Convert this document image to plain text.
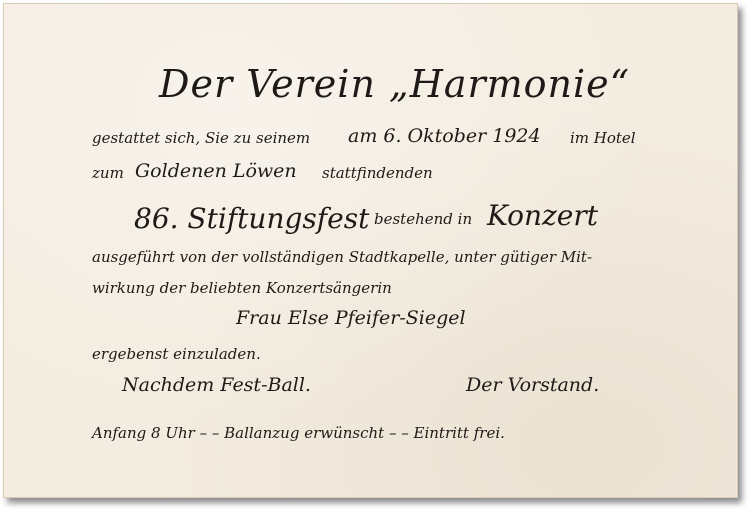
Der Verein „Harmonie“
gestattet sich, Sie zu seinem am 6. Oktober 1924 im Hotel
zum Goldenen Löwen stattfindenden
86. Stiftungsfest bestehend in Konzert
ausgeführt von der vollständigen Stadtkapelle, unter gütiger Mit-
wirkung der beliebten Konzertsängerin
Frau Else Pfeifer-Siegel
ergebenst einzuladen.
Nachdem Fest-Ball.	Der Vorstand.
Anfang 8 Uhr – – Ballanzug erwünscht – – Eintritt frei.
